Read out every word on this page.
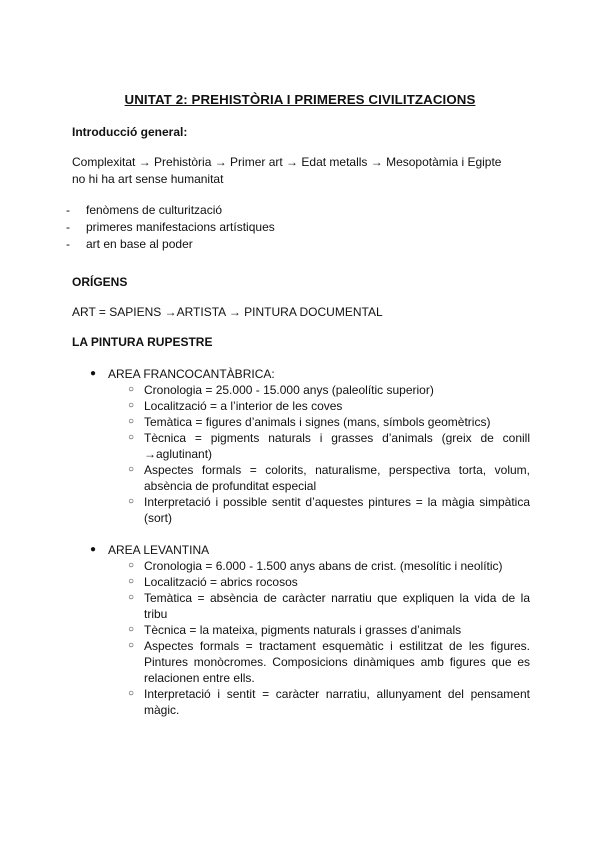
UNITAT 2: PREHISTÒRIA I PRIMERES CIVILITZACIONS
Introducció general:
Complexitat → Prehistòria → Primer art → Edat metalls → Mesopotàmia i Egipte
no hi ha art sense humanitat
- fenòmens de culturització
- primeres manifestacions artístiques
- art en base al poder
ORÍGENS
ART = SAPIENS →ARTISTA → PINTURA DOCUMENTAL
LA PINTURA RUPESTRE
● AREA FRANCOCANTÀBRICA:
○ Cronologia = 25.000 - 15.000 anys (paleolític superior)
○ Localització = a l’interior de les coves
○ Temàtica = figures d’animals i signes (mans, símbols geomètrics)
○ Tècnica = pigments naturals i grasses d’animals (greix de conill →aglutinant)
○ Aspectes formals = colorits, naturalisme, perspectiva torta, volum, absència de profunditat especial
○ Interpretació i possible sentit d’aquestes pintures = la màgia simpàtica (sort)
● AREA LEVANTINA
○ Cronologia = 6.000 - 1.500 anys abans de crist. (mesolític i neolític)
○ Localització = abrics rocosos
○ Temàtica = absència de caràcter narratiu que expliquen la vida de la tribu
○ Tècnica = la mateixa, pigments naturals i grasses d’animals
○ Aspectes formals = tractament esquemàtic i estilitzat de les figures. Pintures monòcromes. Composicions dinàmiques amb figures que es relacionen entre ells.
○ Interpretació i sentit = caràcter narratiu, allunyament del pensament màgic.
